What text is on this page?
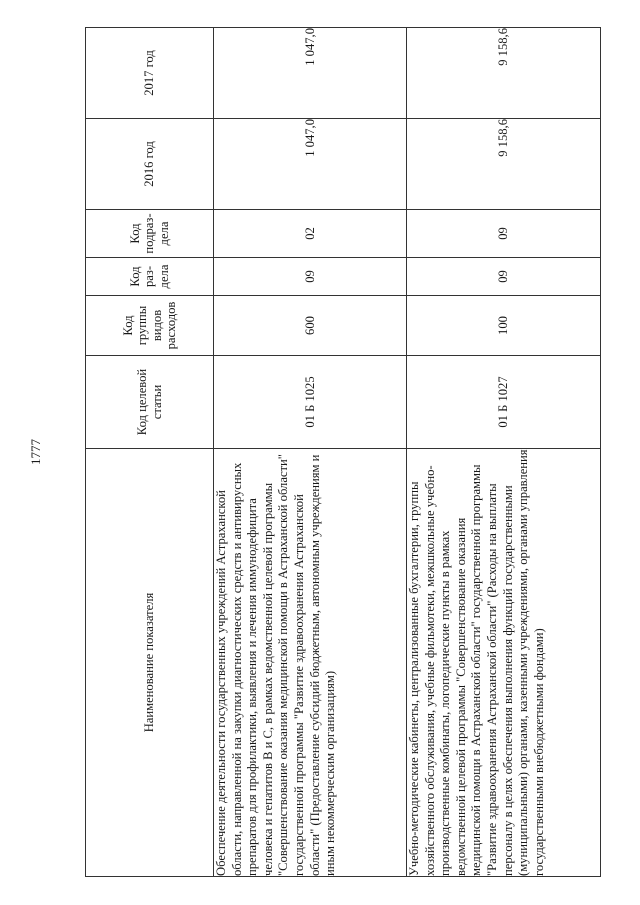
1777
Наименование показателя	Код целевой статьи	Код группы видов расходов	Код раз-дела	Код подраз-дела	2016 год	2017 год
Обеспечение деятельности государственных учреждений Астраханской области, направленной на закупки диагностических средств и антивирусных препаратов для профилактики, выявления и лечения иммунодефицита человека и гепатитов В и С, в рамках ведомственной целевой программы "Совершенствование оказания медицинской помощи в Астраханской области" государственной программы "Развитие здравоохранения Астраханской области" (Предоставление субсидий бюджетным, автономным учреждениям и иным некоммерческим организациям)	01 Б 1025	600	09	02	1 047,0	1 047,0
Учебно-методические кабинеты, централизованные бухгалтерии, группы хозяйственного обслуживания, учебные фильмотеки, межшкольные учебно-производственные комбинаты, логопедические пункты в рамках ведомственной целевой программы "Совершенствование оказания медицинской помощи в Астраханской области" государственной программы "Развитие здравоохранения Астраханской области" (Расходы на выплаты персоналу в целях обеспечения выполнения функций государственными (муниципальными) органами, казенными учреждениями, органами управления государственными внебюджетными фондами)	01 Б 1027	100	09	09	9 158,6	9 158,6
